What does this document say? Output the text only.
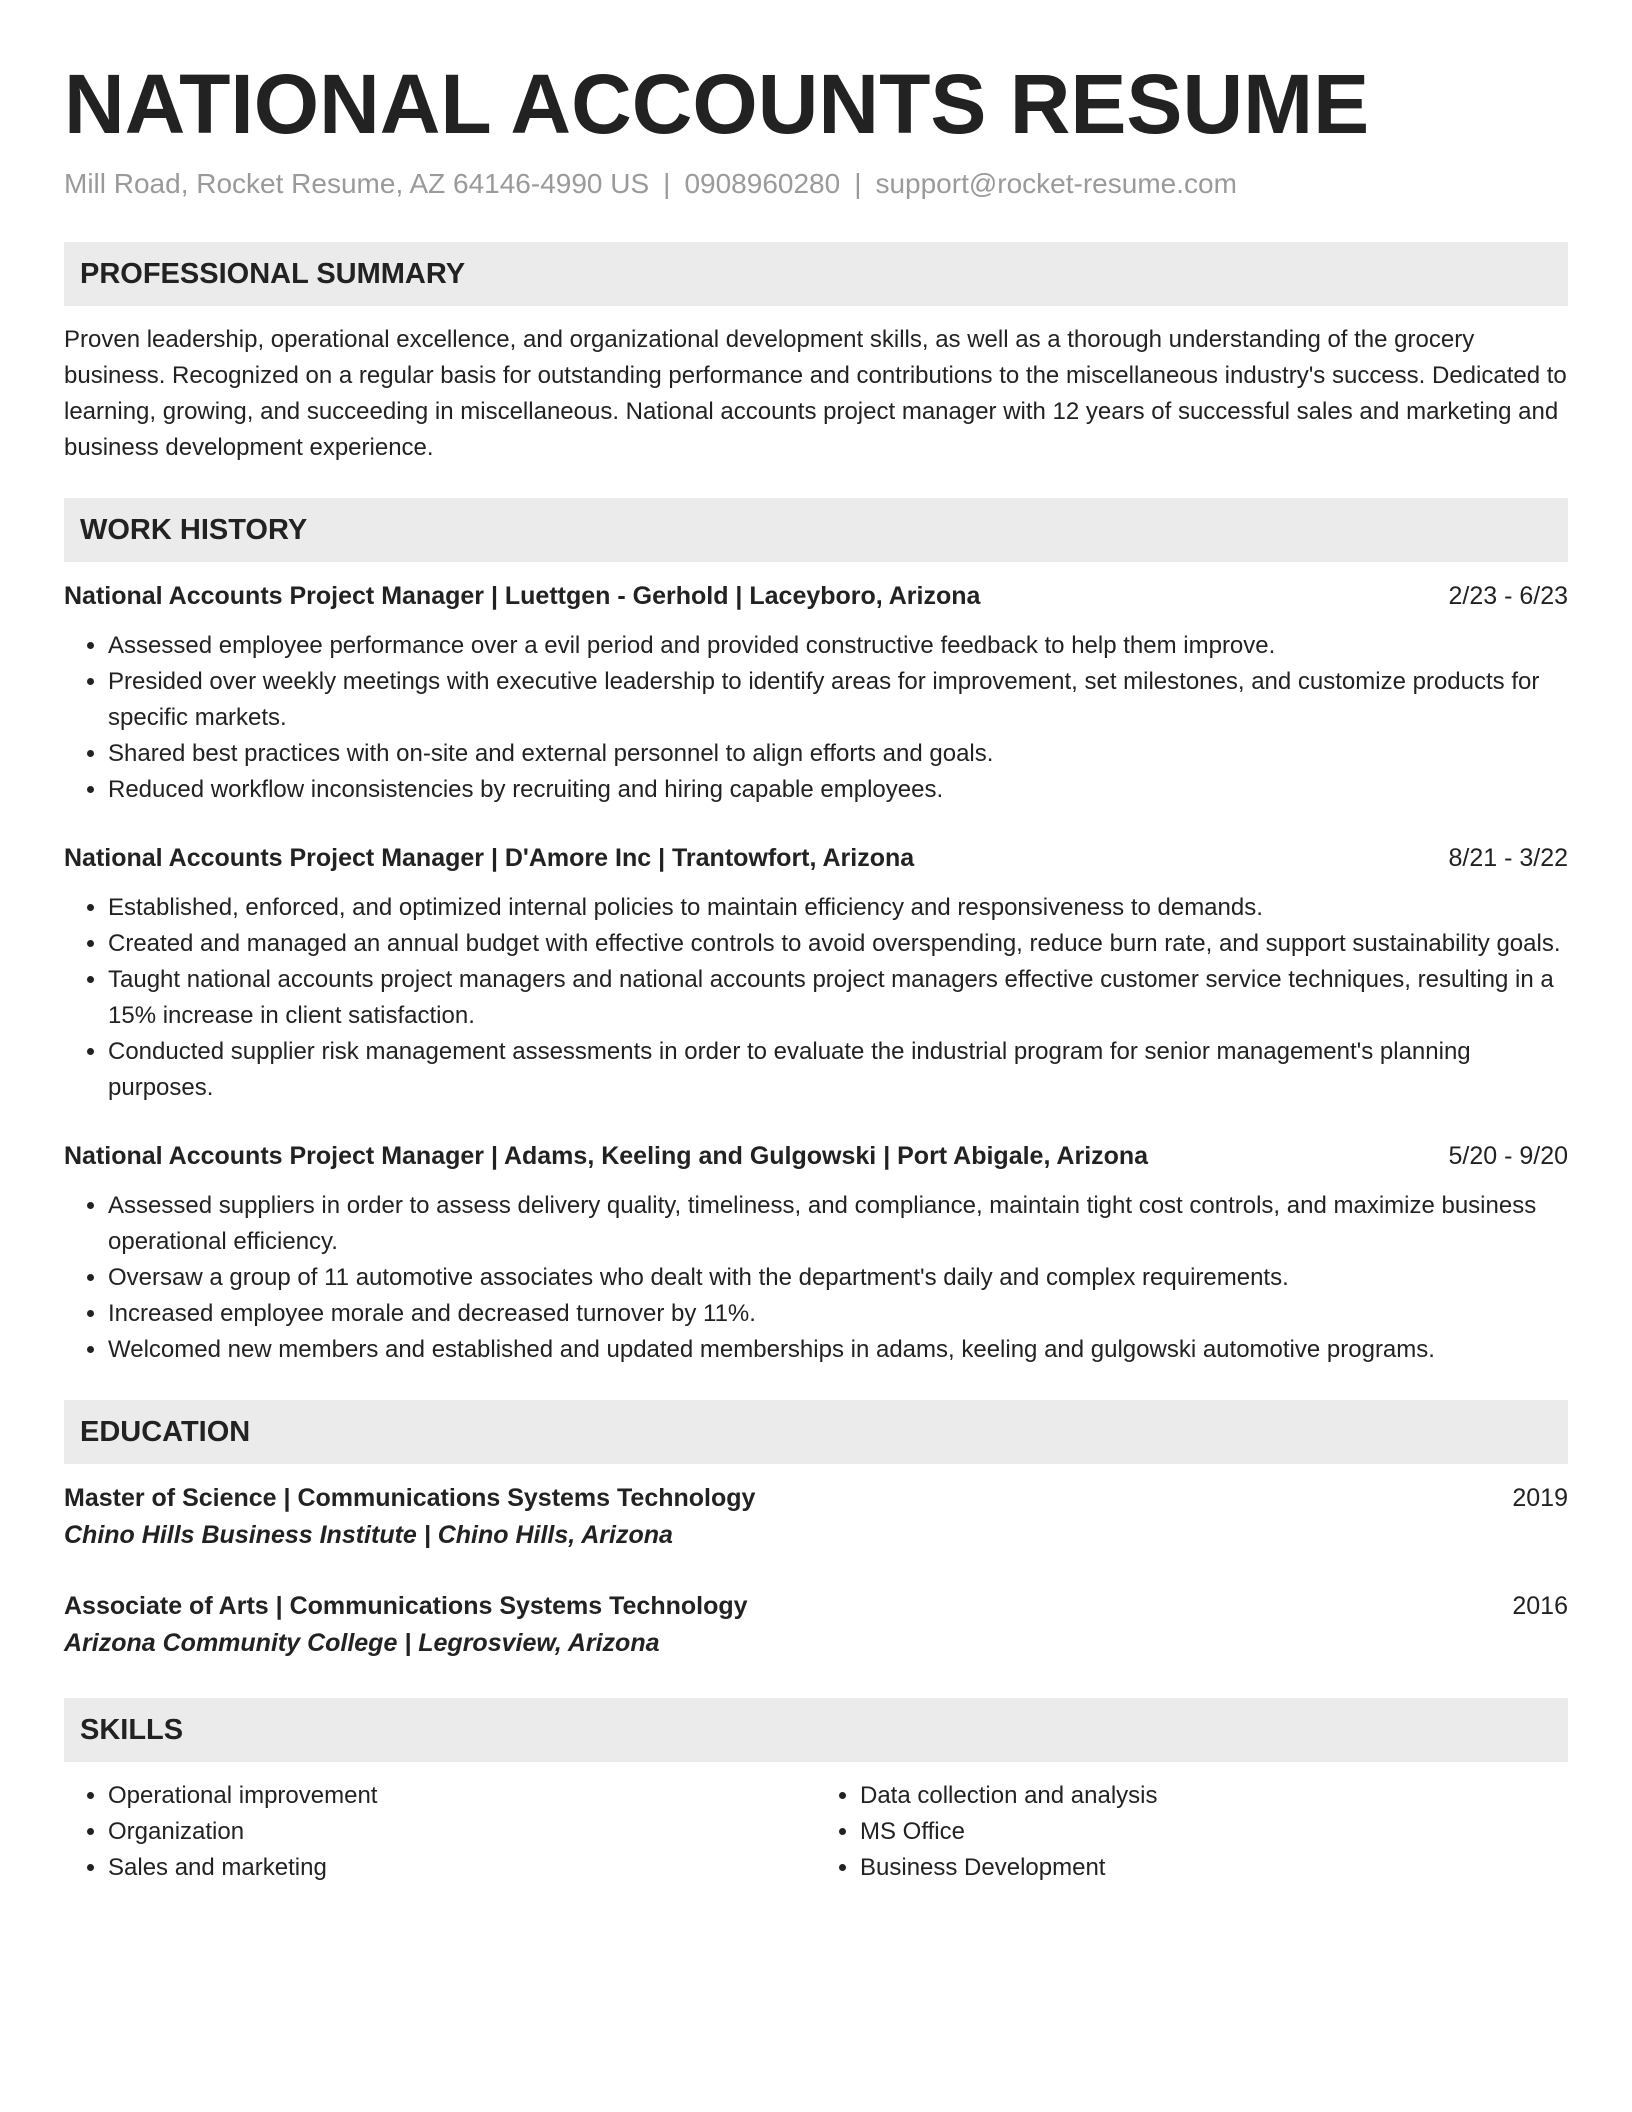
NATIONAL ACCOUNTS RESUME
Mill Road, Rocket Resume, AZ 64146-4990 US | 0908960280 | support@rocket-resume.com
PROFESSIONAL SUMMARY
Proven leadership, operational excellence, and organizational development skills, as well as a thorough understanding of the grocery business. Recognized on a regular basis for outstanding performance and contributions to the miscellaneous industry's success. Dedicated to learning, growing, and succeeding in miscellaneous. National accounts project manager with 12 years of successful sales and marketing and business development experience.
WORK HISTORY
National Accounts Project Manager | Luettgen - Gerhold | Laceyboro, Arizona	2/23 - 6/23
• Assessed employee performance over a evil period and provided constructive feedback to help them improve.
• Presided over weekly meetings with executive leadership to identify areas for improvement, set milestones, and customize products for specific markets.
• Shared best practices with on-site and external personnel to align efforts and goals.
• Reduced workflow inconsistencies by recruiting and hiring capable employees.
National Accounts Project Manager | D'Amore Inc | Trantowfort, Arizona	8/21 - 3/22
• Established, enforced, and optimized internal policies to maintain efficiency and responsiveness to demands.
• Created and managed an annual budget with effective controls to avoid overspending, reduce burn rate, and support sustainability goals.
• Taught national accounts project managers and national accounts project managers effective customer service techniques, resulting in a 15% increase in client satisfaction.
• Conducted supplier risk management assessments in order to evaluate the industrial program for senior management's planning purposes.
National Accounts Project Manager | Adams, Keeling and Gulgowski | Port Abigale, Arizona	5/20 - 9/20
• Assessed suppliers in order to assess delivery quality, timeliness, and compliance, maintain tight cost controls, and maximize business operational efficiency.
• Oversaw a group of 11 automotive associates who dealt with the department's daily and complex requirements.
• Increased employee morale and decreased turnover by 11%.
• Welcomed new members and established and updated memberships in adams, keeling and gulgowski automotive programs.
EDUCATION
Master of Science | Communications Systems Technology	2019
Chino Hills Business Institute | Chino Hills, Arizona
Associate of Arts | Communications Systems Technology	2016
Arizona Community College | Legrosview, Arizona
SKILLS
• Operational improvement
• Organization
• Sales and marketing
• Data collection and analysis
• MS Office
• Business Development
